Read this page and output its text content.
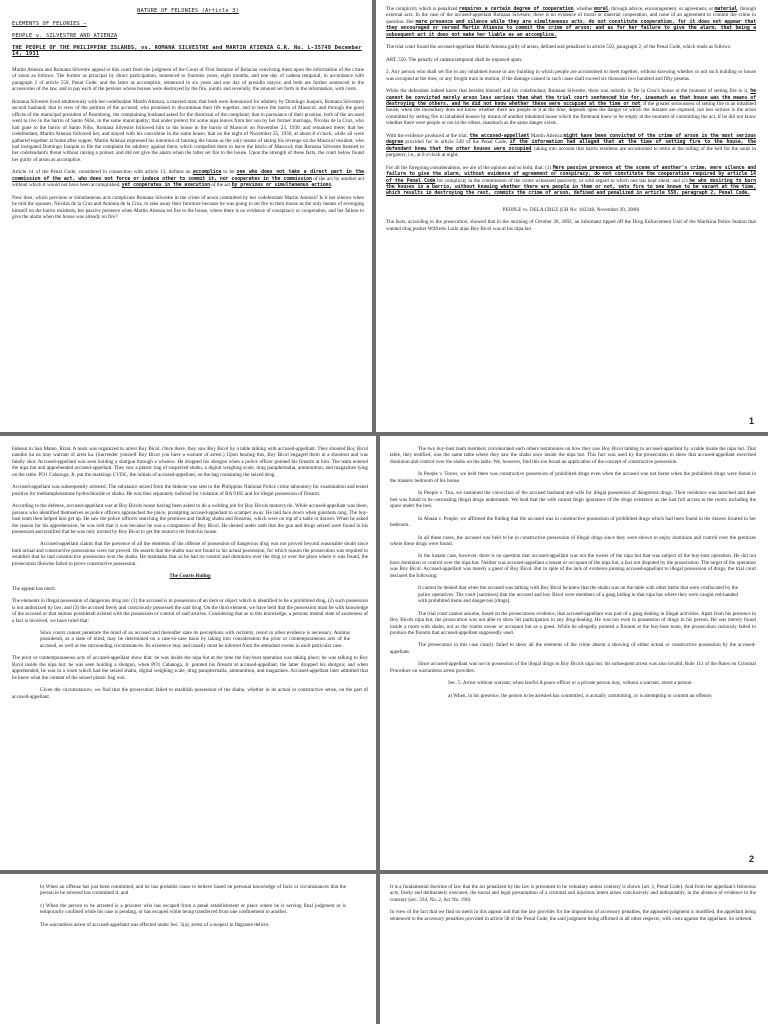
NATURE OF FELONIES (Article 3)
ELEMENTS OF FELONIES —
PEOPLE v. SILVESTRE AND ATIENZA
THE PEOPLE OF THE PHILIPPINE ISLANDS, vs. ROMANA SILVESTRE and MARTIN ATIENZA G.R. No. L-35748 December 14, 1931

Martin Atienza and Romana Silvestre appeal to this court from the judgment of the Court of First Instance of Bulacan convicting them upon the information of the crime of arson as follows: The former as principal by direct participation, sentenced to fourteen years, eight months, and one day of cadena temporal, in accordance with paragraph 2 of article 550, Penal Code; and the latter as accomplice, sentenced to six years and one day of presidio mayor; and both are further sentenced to the accessories of the law, and to pay each of the persons whose houses were destroyed by the fire, jointly and severally, the amount set forth in the information, with costs.

Romana Silvestre lived adulterously with her codefendant Martin Atienza, a married man; that both were denounced for adultery by Domingo Joaquin, Romana Silvestre's second husband; that in view of the petition of the accused, who promised to discontinue their life together, and to leave the barrio of Masocol, and through the good offices of the municipal president of Paombong, the complaining husband asked for the dismissal of the complaint; that in pursuance of their promise, both of the accused went to live in the barrio of Santo Niño, in the same municipality; that under pretext for some nipa leaves from her son by her former marriage, Nicolas de la Cruz, who had gone to the barrio of Santo Niño, Romana Silvestre followed him to his house in the barrio of Masocol on November 23, 1930, and remained there; that her codefendant, Martin Atienza followed her, and stayed with his concubine in the same house; that on the night of November 25, 1930, at about 8 o'clock, while all were gathered together at home after supper, Martin Atienza expressed his intention of burning the house as the only means of taking his revenge on the Masocol resident, who had instigated Domingo Joaquin to file the complaint for adultery against them, which compelled them to leave the barrio of Masocol; that Romana Silvestre listened to her codefendant's threat without raising a protest, and did not give the alarm when the latter set fire to the house. Upon the strength of these facts, the court below found her guilty of arson as accomplice.

Article 14 of the Penal Code, considered in connection with article 13, defines an accomplice to be one who does not take a direct part in the commission of the act, who does not force or induce other to commit it, nor cooperates in the commission of the act by another act without which it would not have been accomplished, yet cooperates in the execution of the act by previous or simultaneous actions.

Now then, which previous or simultaneous acts complicate Romana Silvestre in the crime of arson committed by her codefendant Martin Atienza? Is it her silence when he told the spouses, Nicolas de la Cruz and Antonia de la Cruz, to take away their furniture because he was going to set fire to their house as the only means of revenging himself on the barrio residents, her passive presence when Martin Atienza set fire to the house, where there is no evidence of conspiracy or cooperation, and her failure to give the alarm when the house was already on fire?

The complicity which is penalized requires a certain degree of cooperation, whether moral, through advice, encouragement, or agreement, or material, through external acts. In the case of the accused-appellant Romana Silvestre, there is no evidence of moral or material cooperation, and none of an agreement to commit the crime in question. Her mere presence and silence while they are simultaneous acts, do not constitute cooperation, for it does not appear that they encouraged or nerved Martin Atienza to commit the crime of arson; and as for her failure to give the alarm, that being a subsequent act it does not make her liable as an accomplice.

The trial court found the accused-appellant Martin Atienza guilty of arson, defined and penalized in article 550, paragraph 2, of the Penal Code, which reads as follows:

ART. 550. The penalty of cadena temporal shall be imposed upon:

2. Any person who shall set fire to any inhabited house or any building in which people are accustomed to meet together, without knowing whether or not such building or house was occupied at the time, or any freight train in motion, if the damage caused in such cases shall exceed six thousand two hundred and fifty pesetas.

While the defendant indeed knew that besides himself and his codefendant, Romana Silvestre, there was nobody in De la Cruz's house at the moment of setting fire to it, he cannot be convicted merely arson less serious than what the trial court sentenced him for, inasmuch as that house was the means of destroying the others, and he did not know whether these were occupied at the time or not. If the greater seriousness of setting fire to an inhabited house, when the incendiary does not know whether there are people in it at the time, depends upon the danger to which the inmates are exposed, not less serious is the arson committed by setting fire to inhabited houses by means of another inhabited house which the firebrand knew to be empty at the moment of committing the act, if he did not know whether there were people or not in the others, inasmuch as the same danger exists.

With the evidence produced at the trial, the accused-appellant Martin Atienza might have been convicted of the crime of arson in the most serious degree provided for in article 549 of the Penal Code, if the information had alleged that at the time of setting fire to the house, the defendant knew that the other houses were occupied, taking into account that barrio residents are accustomed to retire at the tolling of the bell for the souls in purgatory, i.e., at 8 o'clock at night.

For all the foregoing considerations, we are of the opinion and so hold, that: (1) Mere passive presence at the scene of another's crime, mere silence and failure to give the alarm, without evidence of agreement or conspiracy, do not constitute the cooperation required by article 14 of the Penal Code for complicity in the commission of the crime witnessed passively, or with regard to which one has kept silent; and (2) he who desiring to burn the houses in a barrio, without knowing whether there are people in them or not, sets fire to one known to be vacant at the time, which results in destroying the rest, commits the crime of arson, defined and penalized in article 550, paragraph 2, Penal Code.

PEOPLE vs. DELA CRUZ (GR No: 182348, November 20, 2008)

The facts, according to the prosecution, showed that in the morning of October 20, 2002, an informant tipped off the Drug Enforcement Unit of the Marikina Police Station that wanted drug pusher Wilfredo Loilo alias Boy Bicol was at his nipa hut

1

hideout in San Mateo, Rizal. A team was organized to arrest Boy Bicol. Once there, they saw Boy Bicol by a table talking with accused-appellant. They shouted Boy Bicol nandito ka na may warrant of arest ka. (Surrender yourself Boy Bicol you have a warrant of arrest.) Upon hearing this, Boy Bicol engaged them in a shootout and was fatally shot. Accused-appellant was seen holding a shotgun through a window. He dropped his shotgun when a police officer pointed his firearm at him. The team entered the nipa hut and apprehended accused-appellant. They saw a plastic bag of suspected shabu, a digital weighing scale, drug paraphernalia, ammunition, and magazines lying on the table. PO1 Calanoga, Jr. put the markings CVDC, the initials of accused-appellant, on the bag containing the seized drug.

Accused-appellant was subsequently arrested. The substance seized from the hideout was sent to the Philippine National Police crime laboratory for examination and tested positive for methamphetamine hydrochloride or shabu. He was thus separately indicted for violation of RA 9165 and for illegal possession of firearm.

According to the defense, accused-appellant was at Boy Bicols house having been asked to do a welding job for Boy Bicols motorcycle. While accused-appellant was there, persons who identified themselves as police officers approached the place, prompting accused-appellant to scamper away. He laid face down when gunshots rang. The buy-bust team then helped him get up. He saw the police officers searching the premises and finding shabu and firearms, which were on top of a table or drawer. When he asked the reason for his apprehension, he was told that it was because he was a companion of Boy Bicol. He denied under oath that the gun and drugs seized were found in his possession and testified that he was only invited by Boy Bicol to get the motorcycle from his house.

Accused-appellant claims that the presence of all the elements of the offense of possession of dangerous drug was not proved beyond reasonable doubt since both actual and constructive possessions were not proved. He asserts that the shabu was not found in his actual possession, for which reason the prosecution was required to establish that he had constructive possession over the shabu. He maintains that as he had no control and dominion over the drug or over the place where it was found, the prosecution likewise failed to prove constructive possession.

The Courts Ruling

The appeal has merit.

The elements in illegal possession of dangerous drug are: (1) the accused is in possession of an item or object which is identified to be a prohibited drug, (2) such possession is not authorized by law; and (3) the accused freely and consciously possessed the said drug. On the third element, we have held that the possession must be with knowledge of the accused or that animus possidendi existed with the possession or control of said articles. Considering that as to this knowledge, a persons mental state of awareness of a fact is involved, we have ruled that:

Since courts cannot penetrate the mind of an accused and thereafter state its perceptions with certainty, resort to other evidence is necessary. Animus possidendi, as a state of mind, may be determined on a case-to-case basis by taking into consideration the prior or contemporaneous acts of the accused, as well as the surrounding circumstances. Its existence may and usually must be inferred from the attendant events in each particular case.

The prior or contemporaneous acts of accused-appellant show that: he was inside the nipa hut at the time the buy-bust operation was taking place; he was talking to Boy Bicol inside the nipa hut; he was seen holding a shotgun, when PO1 Calanoga, Jr. pointed his firearm at accused-appellant, the latter dropped his shotgun; and when apprehended, he was in a room which had the seized shabu, digital weighing scale, drug paraphernalia, ammunition, and magazines. Accused-appellant later admitted that he knew what the content of the seized plastic bag was.

Given the circumstances, we find that the prosecution failed to establish possession of the shabu, whether in its actual or constructive sense, on the part of accused-appellant.

The two buy-bust team members corroborated each others testimonies on how they saw Boy Bicol talking to accused-appellant by a table inside the nipa hut. That table, they testified, was the same table where they saw the shabu once inside the nipa hut. This fact was used by the prosecution to show that accused-appellant exercised dominion and control over the shabu on the table. We, however, find this too broad an application of the concept of constructive possession.

In People v. Torres, we held there was constructive possession of prohibited drugs even when the accused was not home when the prohibited drugs were found in the masters bedroom of his house.

In People v. Tira, we sustained the conviction of the accused husband and wife for illegal possession of dangerous drugs. Their residence was searched and their bed was found to be concealing illegal drugs underneath. We held that the wife cannot feign ignorance of the drugs existence as she had full access to the room, including the space under the bed.

In Abuan v. People, we affirmed the finding that the accused was in constructive possession of prohibited drugs which had been found in the drawer located in her bedroom.

In all these cases, the accused was held to be in constructive possession of illegal drugs since they were shown to enjoy dominion and control over the premises where these drugs were found.

In the instant case, however, there is no question that accused-appellant was not the owner of the nipa hut that was subject of the buy-bust operation. He did not have dominion or control over the nipa hut. Neither was accused-appellant a tenant or occupant of the nipa hut, a fact not disputed by the prosecution. The target of the operation was Boy Bicol. Accused-appellant was merely a guest of Boy Bicol. But in spite of the lack of evidence pinning accused-appellant to illegal possession of drugs, the trial court declared the following:

It cannot be denied that when the accused was talking with Boy Bicol he knew that the shabu was on the table with other items that were confiscated by the police operatives. The court [surmises] that the accused and boy Bicol were members of a gang hiding in that nipa hut where they were caught red-handed with prohibited items and dangerous [drugs].

The trial court cannot assume, based on the prosecutions evidence, that accused-appellant was part of a gang dealing in illegal activities. Apart from his presence in Boy Bicols nipa hut, the prosecution was not able to show his participation in any drug-dealing. He was not even in possession of drugs in his person. He was merely found inside a room with shabu, not as the rooms owner or occupant but as a guest. While he allegedly pointed a firearm at the buy-bust team, the prosecution curiously failed to produce the firearm that accused-appellant supposedly used.

The prosecution in this case clearly failed to show all the elements of the crime absent a showing of either actual or constructive possession by the accused-appellant.

Since accused-appellant was not in possession of the illegal drugs in Boy Bicols nipa hut, his subsequent arrest was also invalid. Rule 113 of the Rules on Criminal Procedure on warrantless arrest provides:

Sec. 5. Arrest without warrant; when lawful.A peace officer or a private person may, without a warrant, arrest a person:

a) When, in his presence, the person to be arrested has committed, is actually committing, or is attempting to commit an offense;

2

b) When an offense has just been committed, and he has probable cause to believe based on personal knowledge of facts or circumstances that the person to be arrested has committed it; and

c) When the person to be arrested is a prisoner who has escaped from a penal establishment or place where he is serving final judgment or is temporarily confined while his case is pending, or has escaped while being transferred from one confinement to another.

The warrantless arrest of accused-appellant was effected under Sec. 5(a), arrest of a suspect in flagrante delicto.

It is a fundamental doctrine of law that the act penalized by the law is presumed to be voluntary unless contrary is shown (art. 1, Penal Code). And from the appellant's felonious acts, freely and deliberately executed, the moral and legal presumption of a criminal and injurious intent arises conclusively and indisputably, in the absence of evidence to the contrary (sec. 334, No. 2, Act No. 190).

In view of the fact that we find no merit in this appeal and that the law provides for the imposition of accessory penalties, the appealed judgment is modified, the appellant being sentenced to the accessory penalties provided in article 58 of the Penal Code, the said judgment being affirmed in all other respects, with costs against the appellant. So ordered.
